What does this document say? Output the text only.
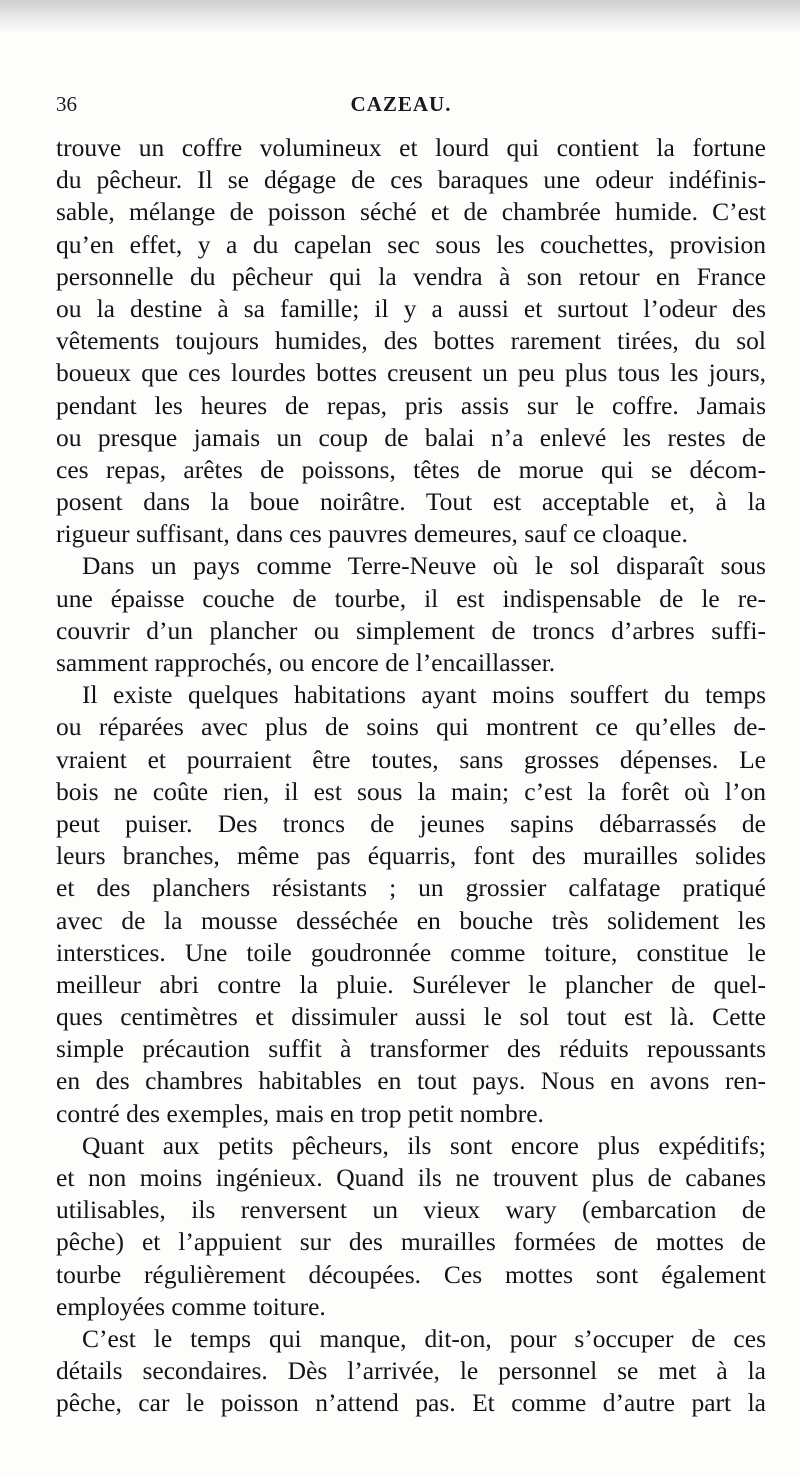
36	CAZEAU.
trouve un coffre volumineux et lourd qui contient la fortune
du pêcheur. Il se dégage de ces baraques une odeur indéfinis-
sable, mélange de poisson séché et de chambrée humide. C’est
qu’en effet, y a du capelan sec sous les couchettes, provision
personnelle du pêcheur qui la vendra à son retour en France
ou la destine à sa famille; il y a aussi et surtout l’odeur des
vêtements toujours humides, des bottes rarement tirées, du sol
boueux que ces lourdes bottes creusent un peu plus tous les jours,
pendant les heures de repas, pris assis sur le coffre. Jamais
ou presque jamais un coup de balai n’a enlevé les restes de
ces repas, arêtes de poissons, têtes de morue qui se décom-
posent dans la boue noirâtre. Tout est acceptable et, à la
rigueur suffisant, dans ces pauvres demeures, sauf ce cloaque.
Dans un pays comme Terre-Neuve où le sol disparaît sous
une épaisse couche de tourbe, il est indispensable de le re-
couvrir d’un plancher ou simplement de troncs d’arbres suffi-
samment rapprochés, ou encore de l’encaillasser.
Il existe quelques habitations ayant moins souffert du temps
ou réparées avec plus de soins qui montrent ce qu’elles de-
vraient et pourraient être toutes, sans grosses dépenses. Le
bois ne coûte rien, il est sous la main; c’est la forêt où l’on
peut puiser. Des troncs de jeunes sapins débarrassés de
leurs branches, même pas équarris, font des murailles solides
et des planchers résistants ; un grossier calfatage pratiqué
avec de la mousse desséchée en bouche très solidement les
interstices. Une toile goudronnée comme toiture, constitue le
meilleur abri contre la pluie. Surélever le plancher de quel-
ques centimètres et dissimuler aussi le sol tout est là. Cette
simple précaution suffit à transformer des réduits repoussants
en des chambres habitables en tout pays. Nous en avons ren-
contré des exemples, mais en trop petit nombre.
Quant aux petits pêcheurs, ils sont encore plus expéditifs;
et non moins ingénieux. Quand ils ne trouvent plus de cabanes
utilisables, ils renversent un vieux wary (embarcation de
pêche) et l’appuient sur des murailles formées de mottes de
tourbe régulièrement découpées. Ces mottes sont également
employées comme toiture.
C’est le temps qui manque, dit-on, pour s’occuper de ces
détails secondaires. Dès l’arrivée, le personnel se met à la
pêche, car le poisson n’attend pas. Et comme d’autre part la
